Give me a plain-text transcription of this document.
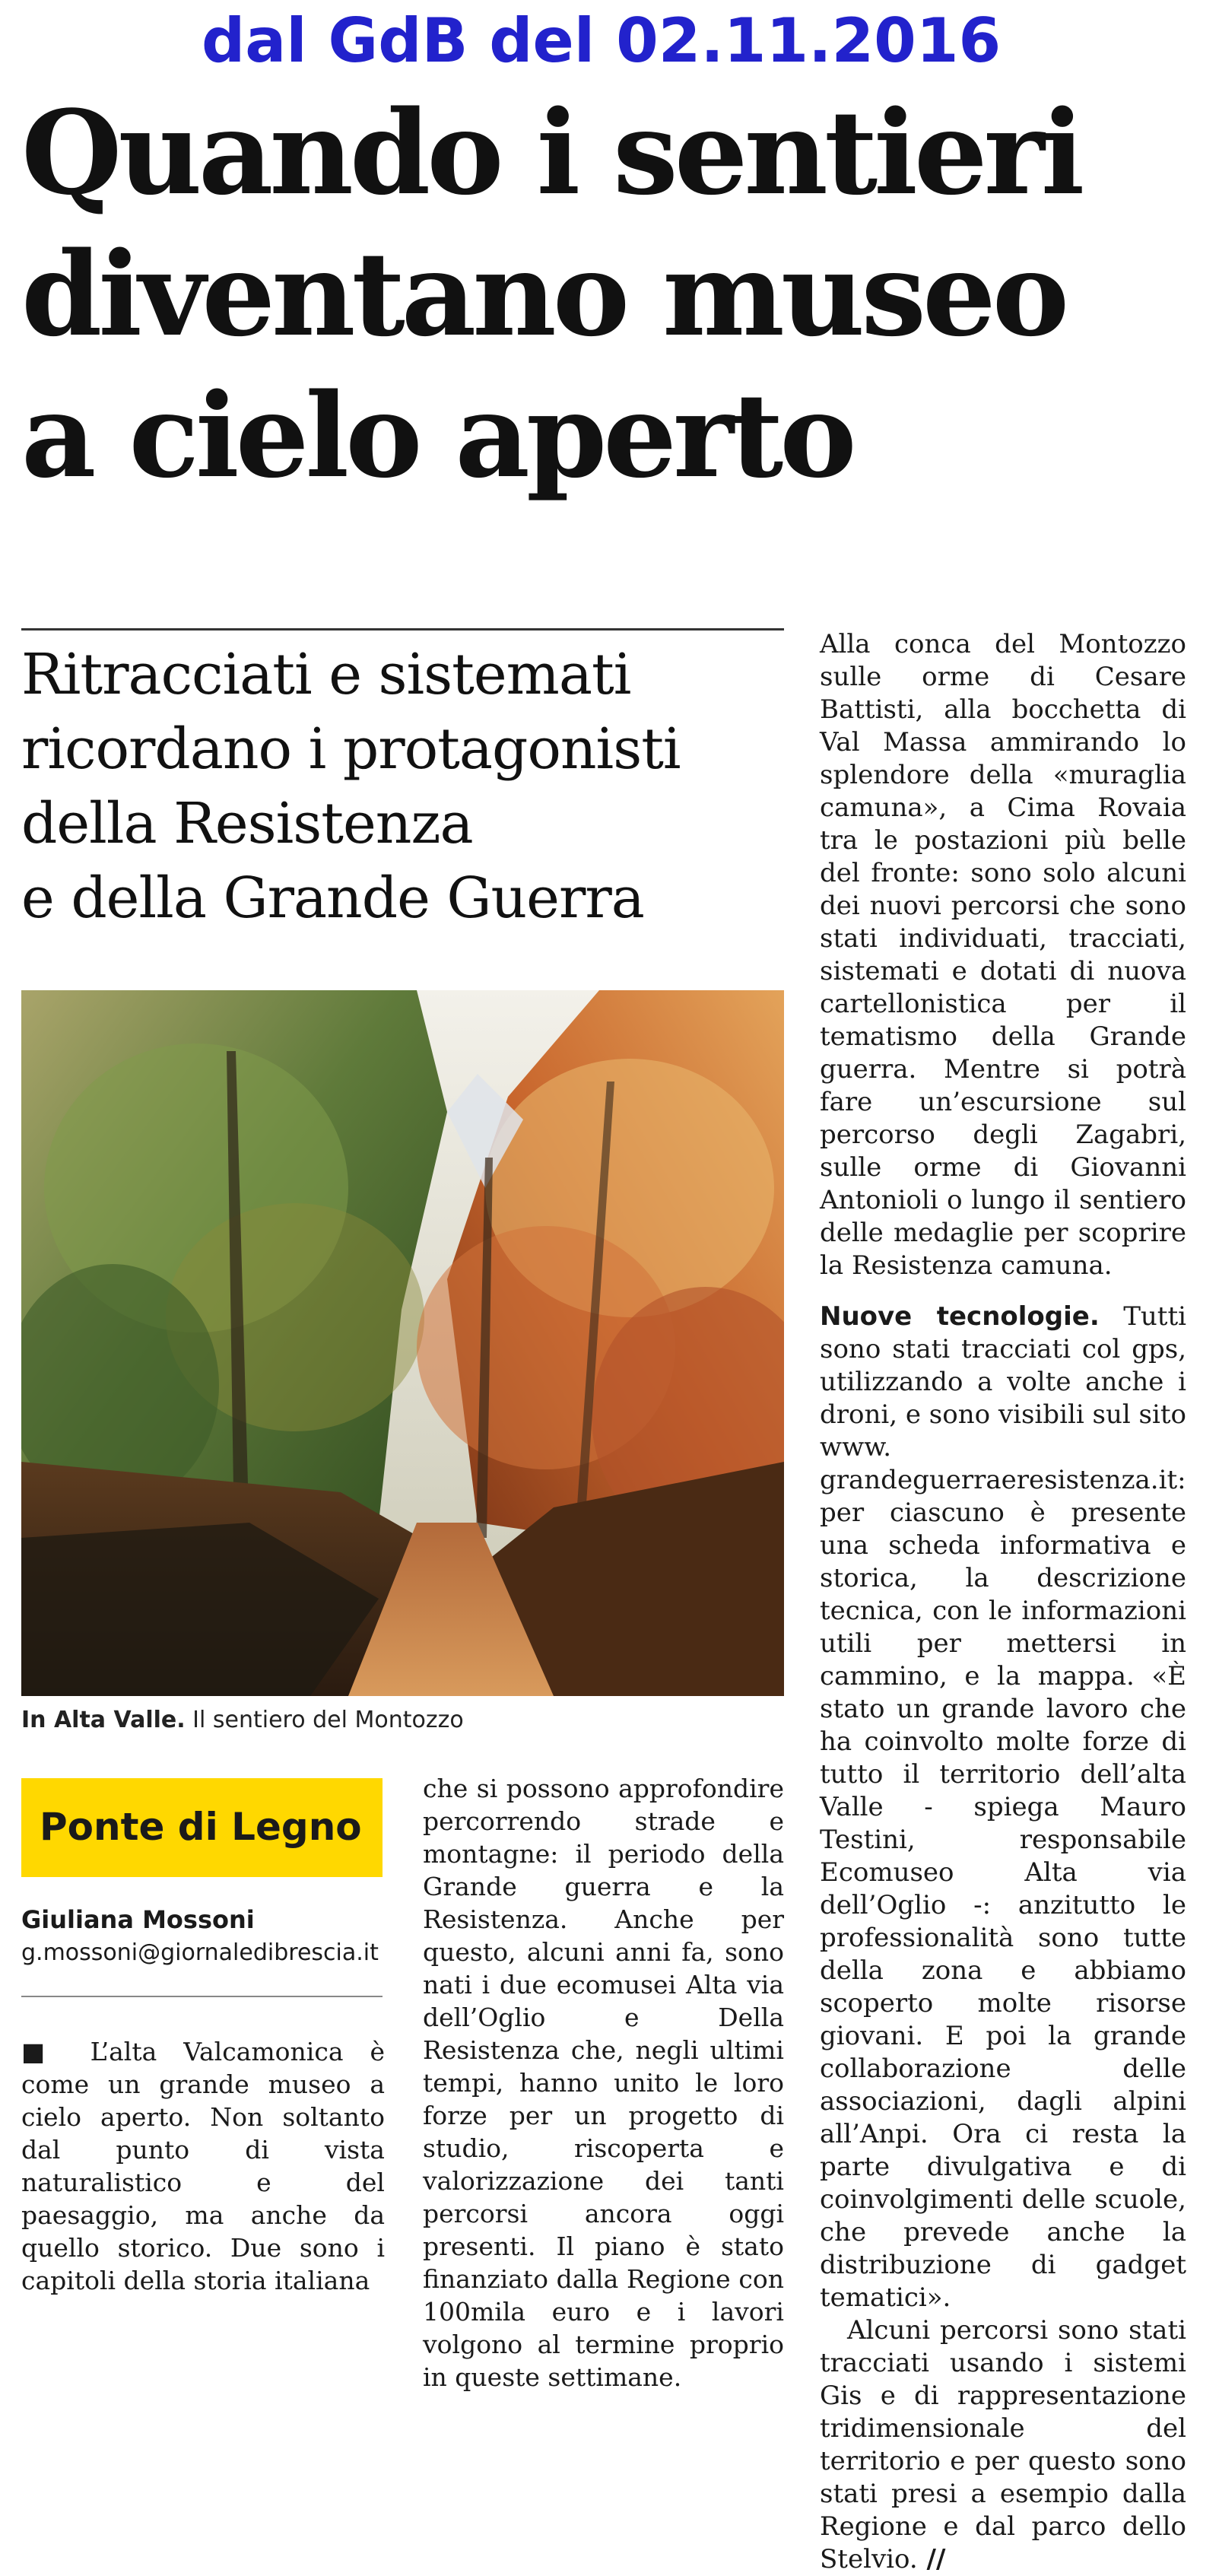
dal GdB del 02.11.2016
Quando i sentieri
diventano museo
a cielo aperto
Ritracciati e sistemati
ricordano i protagonisti
della Resistenza
e della Grande Guerra
In Alta Valle. Il sentiero del Montozzo
Ponte di Legno
Giuliana Mossoni
g.mossoni@giornaledibrescia.it

■ L’alta Valcamonica è come un grande museo a cielo aperto. Non soltanto dal punto di vista naturalistico e del paesaggio, ma anche da quello storico. Due sono i capitoli della storia italiana

che si possono approfondire percorrendo strade e montagne: il periodo della Grande guerra e la Resistenza. Anche per questo, alcuni anni fa, sono nati i due ecomusei Alta via dell’Oglio e Della Resistenza che, negli ultimi tempi, hanno unito le loro forze per un progetto di studio, riscoperta e valorizzazione dei tanti percorsi ancora oggi presenti. Il piano è stato finanziato dalla Regione con 100mila euro e i lavori volgono al termine proprio in queste settimane.

Alla conca del Montozzo sulle orme di Cesare Battisti, alla bocchetta di Val Massa ammirando lo splendore della «muraglia camuna», a Cima Rovaia tra le postazioni più belle del fronte: sono solo alcuni dei nuovi percorsi che sono stati individuati, tracciati, sistemati e dotati di nuova cartellonistica per il tematismo della Grande guerra. Mentre si potrà fare un’escursione sul percorso degli Zagabri, sulle orme di Giovanni Antonioli o lungo il sentiero delle medaglie per scoprire la Resistenza camuna.

Nuove tecnologie. Tutti sono stati tracciati col gps, utilizzando a volte anche i droni, e sono visibili sul sito www. grandeguerraeresistenza.it: per ciascuno è presente una scheda informativa e storica, la descrizione tecnica, con le informazioni utili per mettersi in cammino, e la mappa. «È stato un grande lavoro che ha coinvolto molte forze di tutto il territorio dell’alta Valle - spiega Mauro Testini, responsabile Ecomuseo Alta via dell’Oglio -: anzitutto le professionalità sono tutte della zona e abbiamo scoperto molte risorse giovani. E poi la grande collaborazione delle associazioni, dagli alpini all’Anpi. Ora ci resta la parte divulgativa e di coinvolgimenti delle scuole, che prevede anche la distribuzione di gadget tematici».

Alcuni percorsi sono stati tracciati usando i sistemi Gis e di rappresentazione tridimensionale del territorio e per questo sono stati presi a esempio dalla Regione e dal parco dello Stelvio. //
